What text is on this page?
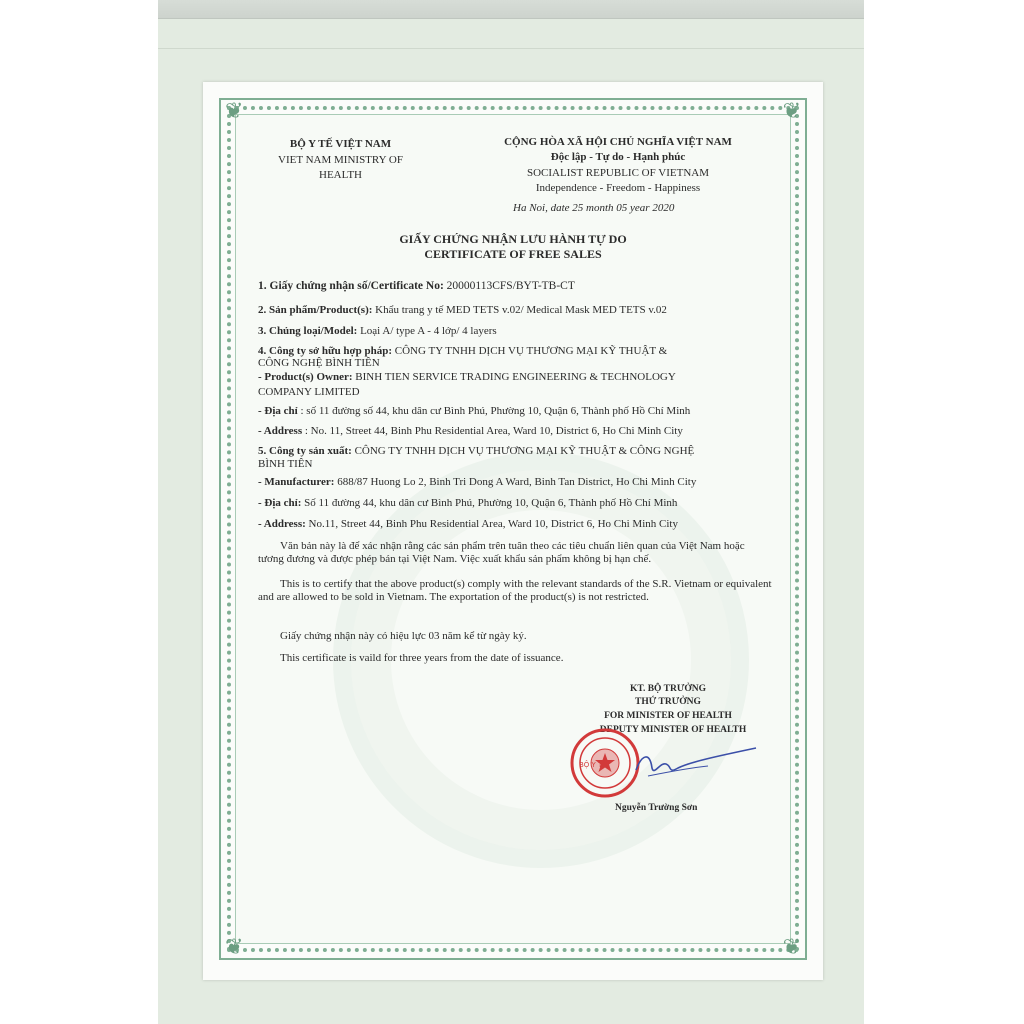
❦	❦
❦	❦
BỘ Y TẾ VIỆT NAM
VIET NAM MINISTRY OF
HEALTH
CỘNG HÒA XÃ HỘI CHỦ NGHĨA VIỆT NAM
Độc lập - Tự do - Hạnh phúc
SOCIALIST REPUBLIC OF VIETNAM
Independence - Freedom - Happiness
Ha Noi, date 25 month 05 year 2020
GIẤY CHỨNG NHẬN LƯU HÀNH TỰ DO
CERTIFICATE OF FREE SALES
1. Giấy chứng nhận số/Certificate No: 20000113CFS/BYT-TB-CT
2. Sản phẩm/Product(s): Khẩu trang y tế MED TETS v.02/ Medical Mask MED TETS v.02
3. Chủng loại/Model: Loại A/ type A - 4 lớp/ 4 layers
4. Công ty sở hữu hợp pháp: CÔNG TY TNHH DỊCH VỤ THƯƠNG MẠI KỸ THUẬT &
CÔNG NGHỆ BÌNH TIÊN
- Product(s) Owner: BINH TIEN SERVICE TRADING ENGINEERING & TECHNOLOGY
COMPANY LIMITED
- Địa chỉ : số 11 đường số 44, khu dân cư Bình Phú, Phường 10, Quận 6, Thành phố Hồ Chí Minh
- Address : No. 11, Street 44, Binh Phu Residential Area, Ward 10, District 6, Ho Chi Minh City
5. Công ty sản xuất: CÔNG TY TNHH DỊCH VỤ THƯƠNG MẠI KỸ THUẬT & CÔNG NGHỆ
BÌNH TIÊN
- Manufacturer: 688/87 Huong Lo 2, Binh Tri Dong A Ward, Binh Tan District, Ho Chi Minh City
- Địa chỉ: Số 11 đường 44, khu dân cư Bình Phú, Phường 10, Quận 6, Thành phố Hồ Chí Minh
- Address: No.11, Street 44, Binh Phu Residential Area, Ward 10, District 6, Ho Chi Minh City
Văn bản này là để xác nhận rằng các sản phẩm trên tuân theo các tiêu chuẩn liên quan của Việt Nam hoặc tương đương và được phép bán tại Việt Nam. Việc xuất khẩu sản phẩm không bị hạn chế.
This is to certify that the above product(s) comply with the relevant standards of the S.R. Vietnam or equivalent and are allowed to be sold in Vietnam. The exportation of the product(s) is not restricted.
Giấy chứng nhận này có hiệu lực 03 năm kể từ ngày ký.
This certificate is vaild for three years from the date of issuance.
KT. BỘ TRƯỞNG
THỨ TRƯỞNG
FOR MINISTER OF HEALTH
DEPUTY MINISTER OF HEALTH
BỘ Y TẾ
Nguyễn Trường Sơn
